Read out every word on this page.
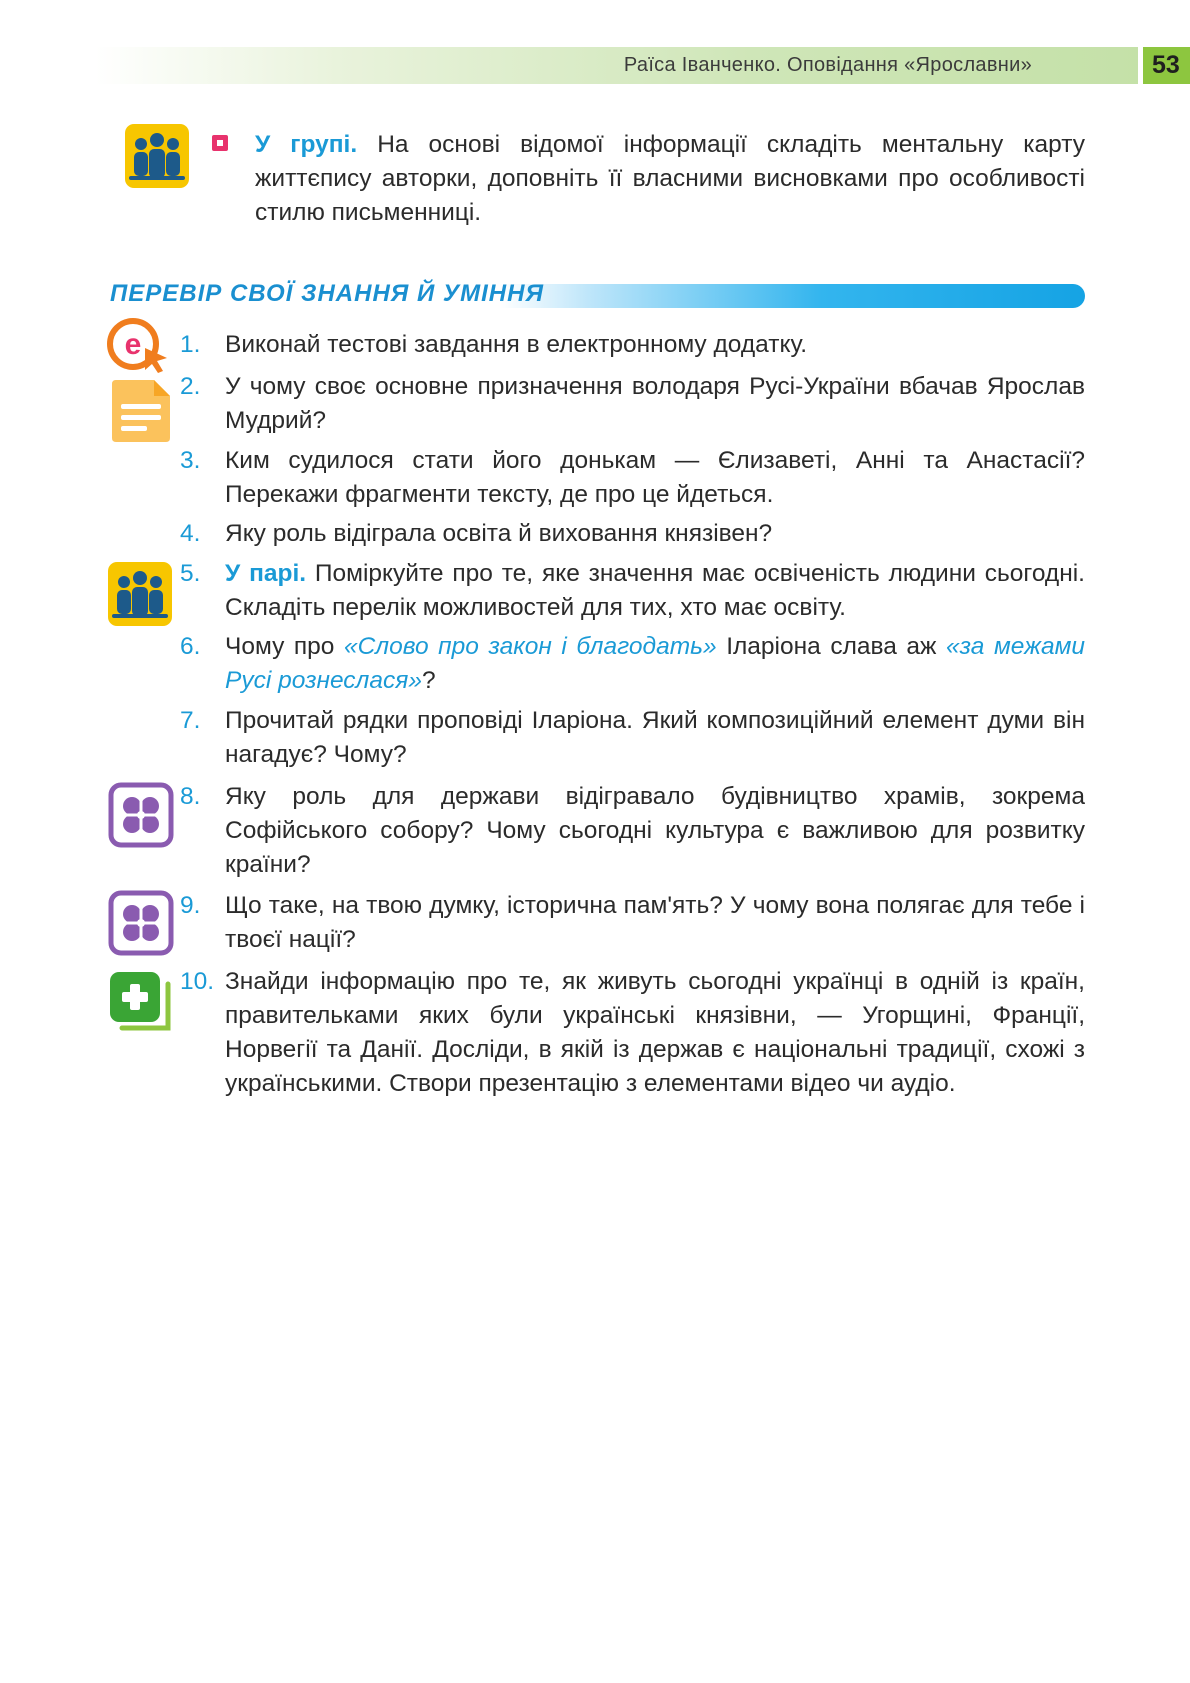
Раїса Іванченко. Оповідання «Ярославни»	53
У групі. На основі відомої інформації складіть ментальну карту життєпису авторки, доповніть її власними висновками про особливості стилю письменниці.
ПЕРЕВІР СВОЇ ЗНАННЯ Й УМІННЯ
e 1. Виконай тестові завдання в електронному додатку.
2. У чому своє основне призначення володаря Русі-України вбачав Ярослав Мудрий?
3. Ким судилося стати його донькам — Єлизаветі, Анні та Анастасії? Перекажи фрагменти тексту, де про це йдеться.
4. Яку роль відіграла освіта й виховання князівен?
5. У парі. Поміркуйте про те, яке значення має освіченість людини сьогодні. Складіть перелік можливостей для тих, хто має освіту.
6. Чому про «Слово про закон і благодать» Іларіона слава аж «за межами Русі рознеслася»?
7. Прочитай рядки проповіді Іларіона. Який композиційний елемент думи він нагадує? Чому?
8. Яку роль для держави відігравало будівництво храмів, зокрема Софійського собору? Чому сьогодні культура є важливою для розвитку країни?
9. Що таке, на твою думку, історична пам'ять? У чому вона полягає для тебе і твоєї нації?
10. Знайди інформацію про те, як живуть сьогодні українці в одній із країн, правительками яких були українські князівни, — Угорщині, Франції, Норвегії та Данії. Досліди, в якій із держав є національні традиції, схожі з українськими. Створи презентацію з елементами відео чи аудіо.
